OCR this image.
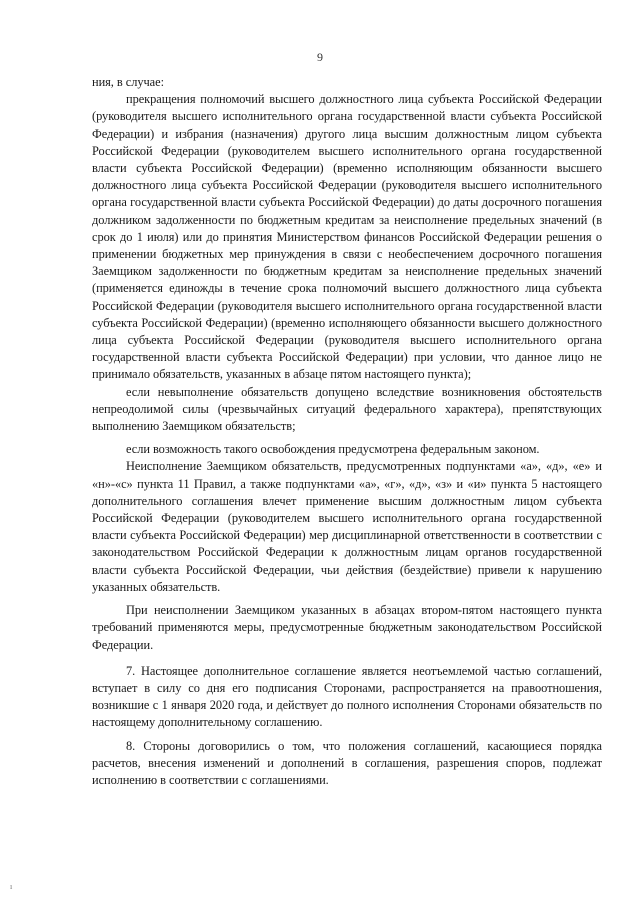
9

ния, в случае:

прекращения полномочий высшего должностного лица субъекта Российской Федерации (руководителя высшего исполнительного органа государственной власти субъекта Российской Федерации) и избрания (назначения) другого лица высшим должностным лицом субъекта Российской Федерации (руководителем высшего исполнительного органа государственной власти субъекта Российской Федерации) (временно исполняющим обязанности высшего должностного лица субъекта Российской Федерации (руководителя высшего исполнительного органа государственной власти субъекта Российской Федерации) до даты досрочного погашения должником задолженности по бюджетным кредитам за неисполнение предельных значений (в срок до 1 июля) или до принятия Министерством финансов Российской Федерации решения о применении бюджетных мер принуждения в связи с необеспечением досрочного погашения Заемщиком задолженности по бюджетным кредитам за неисполнение предельных значений (применяется единожды в течение срока полномочий высшего должностного лица субъекта Российской Федерации (руководителя высшего исполнительного органа государственной власти субъекта Российской Федерации) (временно исполняющего обязанности высшего должностного лица субъекта Российской Федерации (руководителя высшего исполнительного органа государственной власти субъекта Российской Федерации) при условии, что данное лицо не принимало обязательств, указанных в абзаце пятом настоящего пункта);

если невыполнение обязательств допущено вследствие возникновения обстоятельств непреодолимой силы (чрезвычайных ситуаций федерального характера), препятствующих выполнению Заемщиком обязательств;

если возможность такого освобождения предусмотрена федеральным законом.

Неисполнение Заемщиком обязательств, предусмотренных подпунктами «а», «д», «е» и «н»-«с» пункта 11 Правил, а также подпунктами «а», «г», «д», «з» и «и» пункта 5 настоящего дополнительного соглашения влечет применение высшим должностным лицом субъекта Российской Федерации (руководителем высшего исполнительного органа государственной власти субъекта Российской Федерации) мер дисциплинарной ответственности в соответствии с законодательством Российской Федерации к должностным лицам органов государственной власти субъекта Российской Федерации, чьи действия (бездействие) привели к нарушению указанных обязательств.

При неисполнении Заемщиком указанных в абзацах втором-пятом настоящего пункта требований применяются меры, предусмотренные бюджетным законодательством Российской Федерации.

7. Настоящее дополнительное соглашение является неотъемлемой частью соглашений, вступает в силу со дня его подписания Сторонами, распространяется на правоотношения, возникшие с 1 января 2020 года, и действует до полного исполнения Сторонами обязательств по настоящему дополнительному соглашению.

8. Стороны договорились о том, что положения соглашений, касающиеся порядка расчетов, внесения изменений и дополнений в соглашения, разрешения споров, подлежат исполнению в соответствии с соглашениями.

ı
